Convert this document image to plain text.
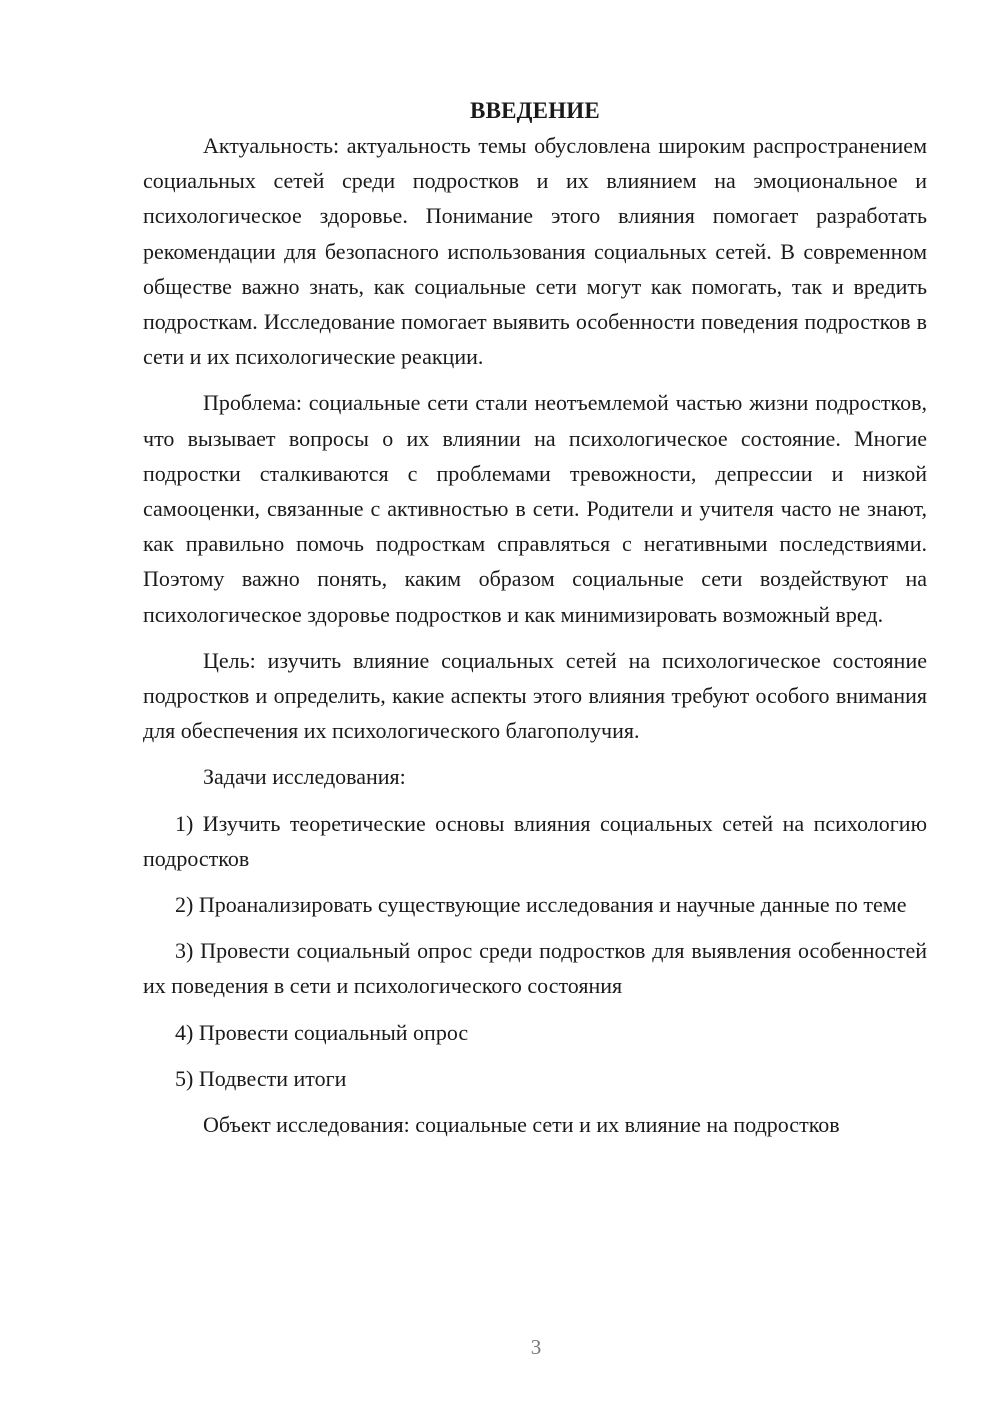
ВВЕДЕНИЕ

Актуальность: актуальность темы обусловлена широким распространением социальных сетей среди подростков и их влиянием на эмоциональное и психологическое здоровье. Понимание этого влияния помогает разработать рекомендации для безопасного использования социальных сетей. В современном обществе важно знать, как социальные сети могут как помогать, так и вредить подросткам. Исследование помогает выявить особенности поведения подростков в сети и их психологические реакции.

Проблема: социальные сети стали неотъемлемой частью жизни подростков, что вызывает вопросы о их влиянии на психологическое состояние. Многие подростки сталкиваются с проблемами тревожности, депрессии и низкой самооценки, связанные с активностью в сети. Родители и учителя часто не знают, как правильно помочь подросткам справляться с негативными последствиями. Поэтому важно понять, каким образом социальные сети воздействуют на психологическое здоровье подростков и как минимизировать возможный вред.

Цель: изучить влияние социальных сетей на психологическое состояние подростков и определить, какие аспекты этого влияния требуют особого внимания для обеспечения их психологического благополучия.

Задачи исследования:

1) Изучить теоретические основы влияния социальных сетей на психологию подростков

2) Проанализировать существующие исследования и научные данные по теме

3) Провести социальный опрос среди подростков для выявления особенностей их поведения в сети и психологического состояния

4) Провести социальный опрос

5) Подвести итоги

Объект исследования: социальные сети и их влияние на подростков

3
